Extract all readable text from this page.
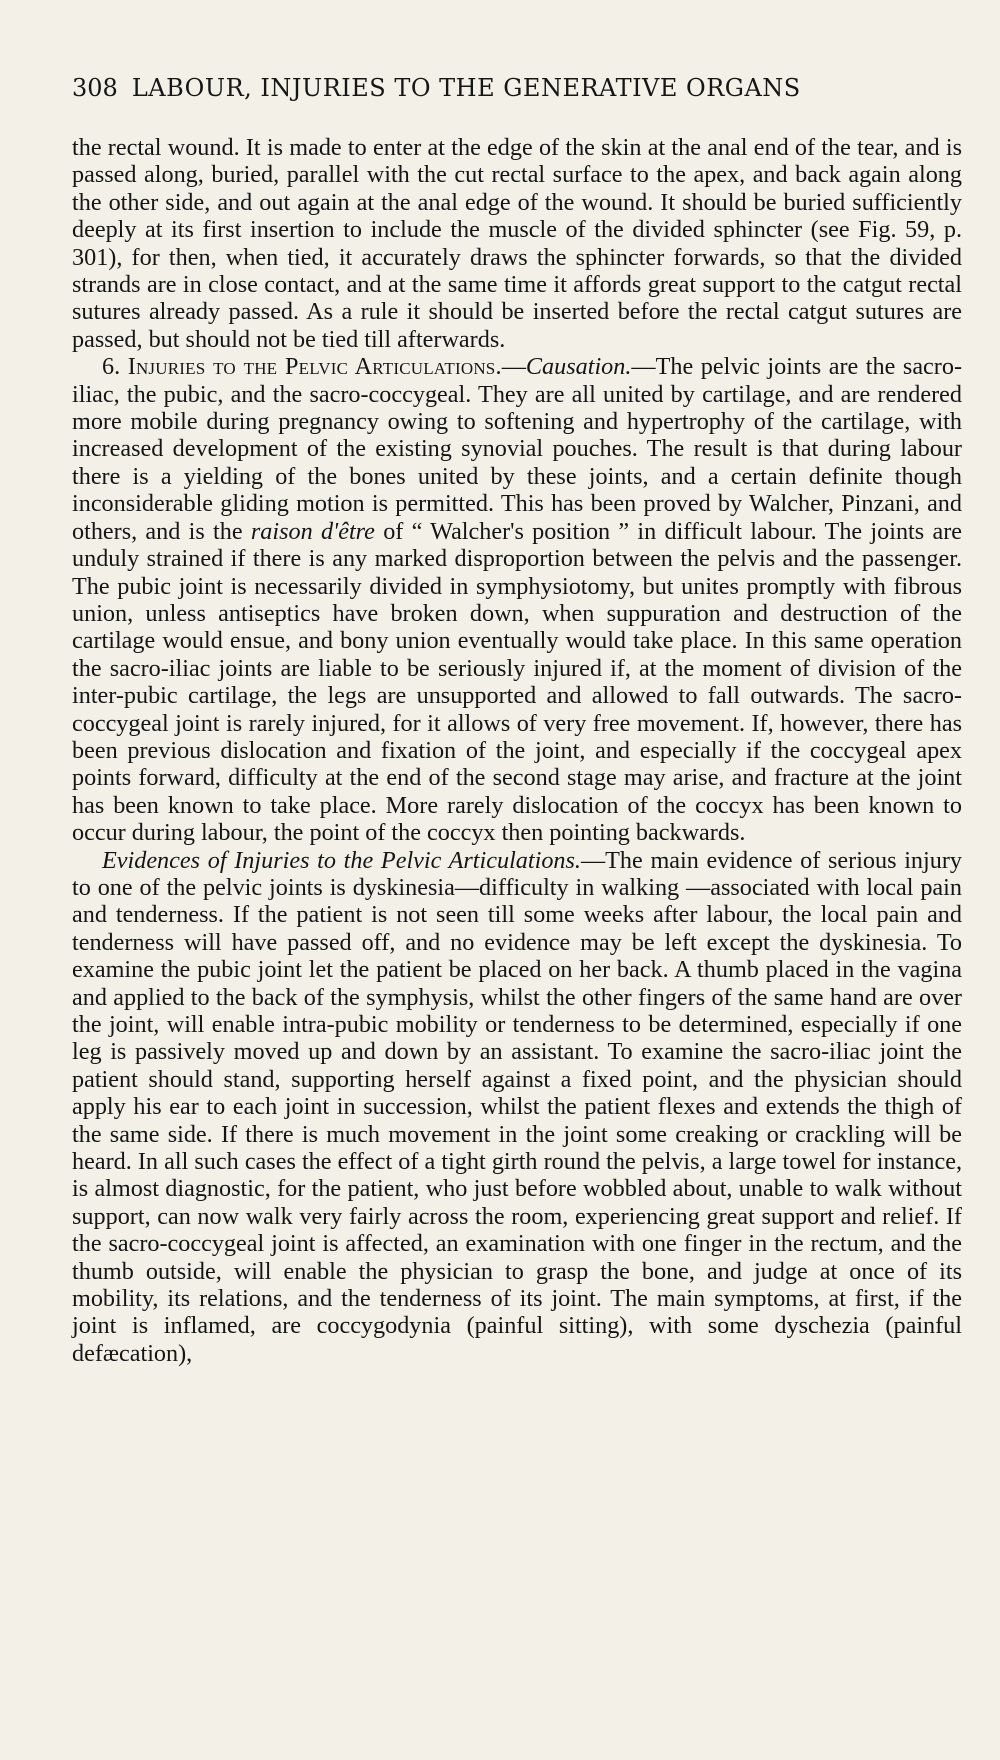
308 LABOUR, INJURIES TO THE GENERATIVE ORGANS

the rectal wound. It is made to enter at the edge of the skin at the anal end of the tear, and is passed along, buried, parallel with the cut rectal surface to the apex, and back again along the other side, and out again at the anal edge of the wound. It should be buried sufficiently deeply at its first insertion to include the muscle of the divided sphincter (see Fig. 59, p. 301), for then, when tied, it accurately draws the sphincter forwards, so that the divided strands are in close contact, and at the same time it affords great support to the catgut rectal sutures already passed. As a rule it should be inserted before the rectal catgut sutures are passed, but should not be tied till afterwards.

6. Injuries to the Pelvic Articulations.—Causation.—The pelvic joints are the sacro-iliac, the pubic, and the sacro-coccygeal. They are all united by cartilage, and are rendered more mobile during pregnancy owing to softening and hypertrophy of the cartilage, with increased development of the existing synovial pouches. The result is that during labour there is a yielding of the bones united by these joints, and a certain definite though inconsiderable gliding motion is permitted. This has been proved by Walcher, Pinzani, and others, and is the raison d'être of “ Walcher's position ” in difficult labour. The joints are unduly strained if there is any marked disproportion between the pelvis and the passenger. The pubic joint is necessarily divided in symphysiotomy, but unites promptly with fibrous union, unless antiseptics have broken down, when suppuration and destruction of the cartilage would ensue, and bony union eventually would take place. In this same operation the sacro-iliac joints are liable to be seriously injured if, at the moment of division of the inter-pubic cartilage, the legs are unsupported and allowed to fall outwards. The sacro-coccygeal joint is rarely injured, for it allows of very free movement. If, however, there has been previous dislocation and fixation of the joint, and especially if the coccygeal apex points forward, difficulty at the end of the second stage may arise, and fracture at the joint has been known to take place. More rarely dislocation of the coccyx has been known to occur during labour, the point of the coccyx then pointing backwards.

Evidences of Injuries to the Pelvic Articulations.—The main evidence of serious injury to one of the pelvic joints is dyskinesia—difficulty in walking —associated with local pain and tenderness. If the patient is not seen till some weeks after labour, the local pain and tenderness will have passed off, and no evidence may be left except the dyskinesia. To examine the pubic joint let the patient be placed on her back. A thumb placed in the vagina and applied to the back of the symphysis, whilst the other fingers of the same hand are over the joint, will enable intra-pubic mobility or tenderness to be determined, especially if one leg is passively moved up and down by an assistant. To examine the sacro-iliac joint the patient should stand, supporting herself against a fixed point, and the physician should apply his ear to each joint in succession, whilst the patient flexes and extends the thigh of the same side. If there is much movement in the joint some creaking or crackling will be heard. In all such cases the effect of a tight girth round the pelvis, a large towel for instance, is almost diagnostic, for the patient, who just before wobbled about, unable to walk without support, can now walk very fairly across the room, experiencing great support and relief. If the sacro-coccygeal joint is affected, an examination with one finger in the rectum, and the thumb outside, will enable the physician to grasp the bone, and judge at once of its mobility, its relations, and the tenderness of its joint. The main symptoms, at first, if the joint is inflamed, are coccygodynia (painful sitting), with some dyschezia (painful defæcation),
